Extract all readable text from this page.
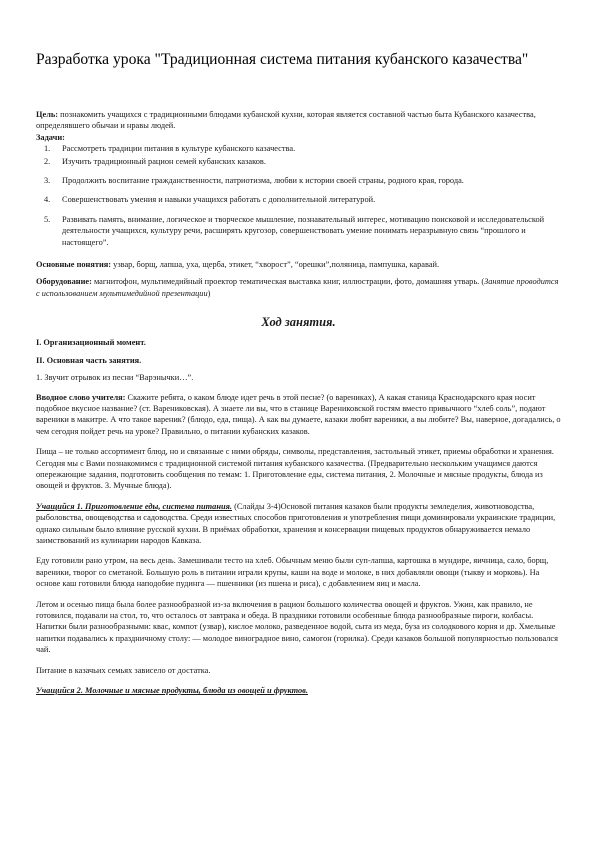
Разработка урока "Традиционная система питания кубанского казачества"

Цель: познакомить учащихся с традиционными блюдами кубанской кухни, которая является составной частью быта Кубанского казачества, определявшего обычаи и нравы людей.

Задачи:

1.	Рассмотреть традиции питания в культуре кубанского казачества.
2.	Изучить традиционный рацион семей кубанских казаков.
3.	Продолжить воспитание гражданственности, патриотизма, любви к истории своей страны, родного края, города.
4.	Совершенствовать умения и навыки учащихся работать с дополнительной литературой.
5.	Развивать память, внимание, логическое и творческое мышление, познавательный интерес, мотивацию поисковой и исследовательской деятельности учащихся, культуру речи, расширять кругозор, совершенствовать умение понимать неразрывную связь “прошлого и настоящего”.

Основные понятия: узвар, борщ, лапша, уха, щерба, этикет, “хворост”, “орешки”,поляница, пампушка, каравай.

Оборудование: магнитофон, мультимедийный проектор тематическая выставка книг, иллюстрации, фото, домашняя утварь. (Занятие проводится с использованием мультимедийной презентации)

Ход занятия.

I. Организационный момент.

II. Основная часть занятия.

1. Звучит отрывок из песни “Варэнычки…”.

Вводное слово учителя: Скажите ребята, о каком блюде идет речь в этой песне? (о варениках), А какая станица Краснодарского края носит подобное вкусное название? (ст. Варениковская). А знаете ли вы, что в станице Варениковской гостям вместо привычного “хлеб соль”, подают вареники в макитре. А что такое вареник? (блюдо, еда, пища). А как вы думаете, казаки любят вареники, а вы любите? Вы, наверное, догадались, о чем сегодня пойдет речь на уроке? Правильно, о питании кубанских казаков.

Пища – не только ассортимент блюд, но и связанные с ними обряды, символы, представления, застольный этикет, приемы обработки и хранения. Сегодня мы с Вами познакомимся с традиционной системой питания кубанского казачества. (Предварительно нескольким учащимся даются опережающие задания, подготовить сообщения по темам: 1. Приготовление еды, система питания, 2. Молочные и мясные продукты, блюда из овощей и фруктов. 3. Мучные блюда).

Учащийся 1. Приготовление еды, система питания. (Слайды 3-4)Основой питания казаков были продукты земледелия, животноводства, рыболовства, овощеводства и садоводства. Среди известных способов приготовления и употребления пищи доминировали украинские традиции, однако сильным было влияние русской кухни. В приёмах обработки, хранения и консервации пищевых продуктов обнаруживается немало заимствований из кулинарии народов Кавказа.

Еду готовили рано утром, на весь день. Замешивали тесто на хлеб. Обычным меню были суп-лапша, картошка в мундире, яичница, сало, борщ, вареники, творог со сметаной. Большую роль в питании играли крупы, каши на воде и молоке, в них добавляли овощи (тыкву и морковь). На основе каш готовили блюда наподобие пудинга — пшенники (из пшена и риса), с добавлением яиц и масла.

Летом и осенью пища была более разнообразной из-за включения в рацион большого количества овощей и фруктов. Ужин, как правило, не готовился, подавали на стол, то, что осталось от завтрака и обеда. В праздники готовили особенные блюда разнообразные пироги, колбасы. Напитки были разнообразными: квас, компот (узвар), кислое молоко, разведенное водой, сыта из меда, буза из солодкового корня и др. Хмельные напитки подавались к праздничному столу: — молодое виноградное вино, самогон (горилка). Среди казаков большой популярностью пользовался чай.

Питание в казачьих семьях зависело от достатка.

Учащийся 2. Молочные и мясные продукты, блюда из овощей и фруктов.
